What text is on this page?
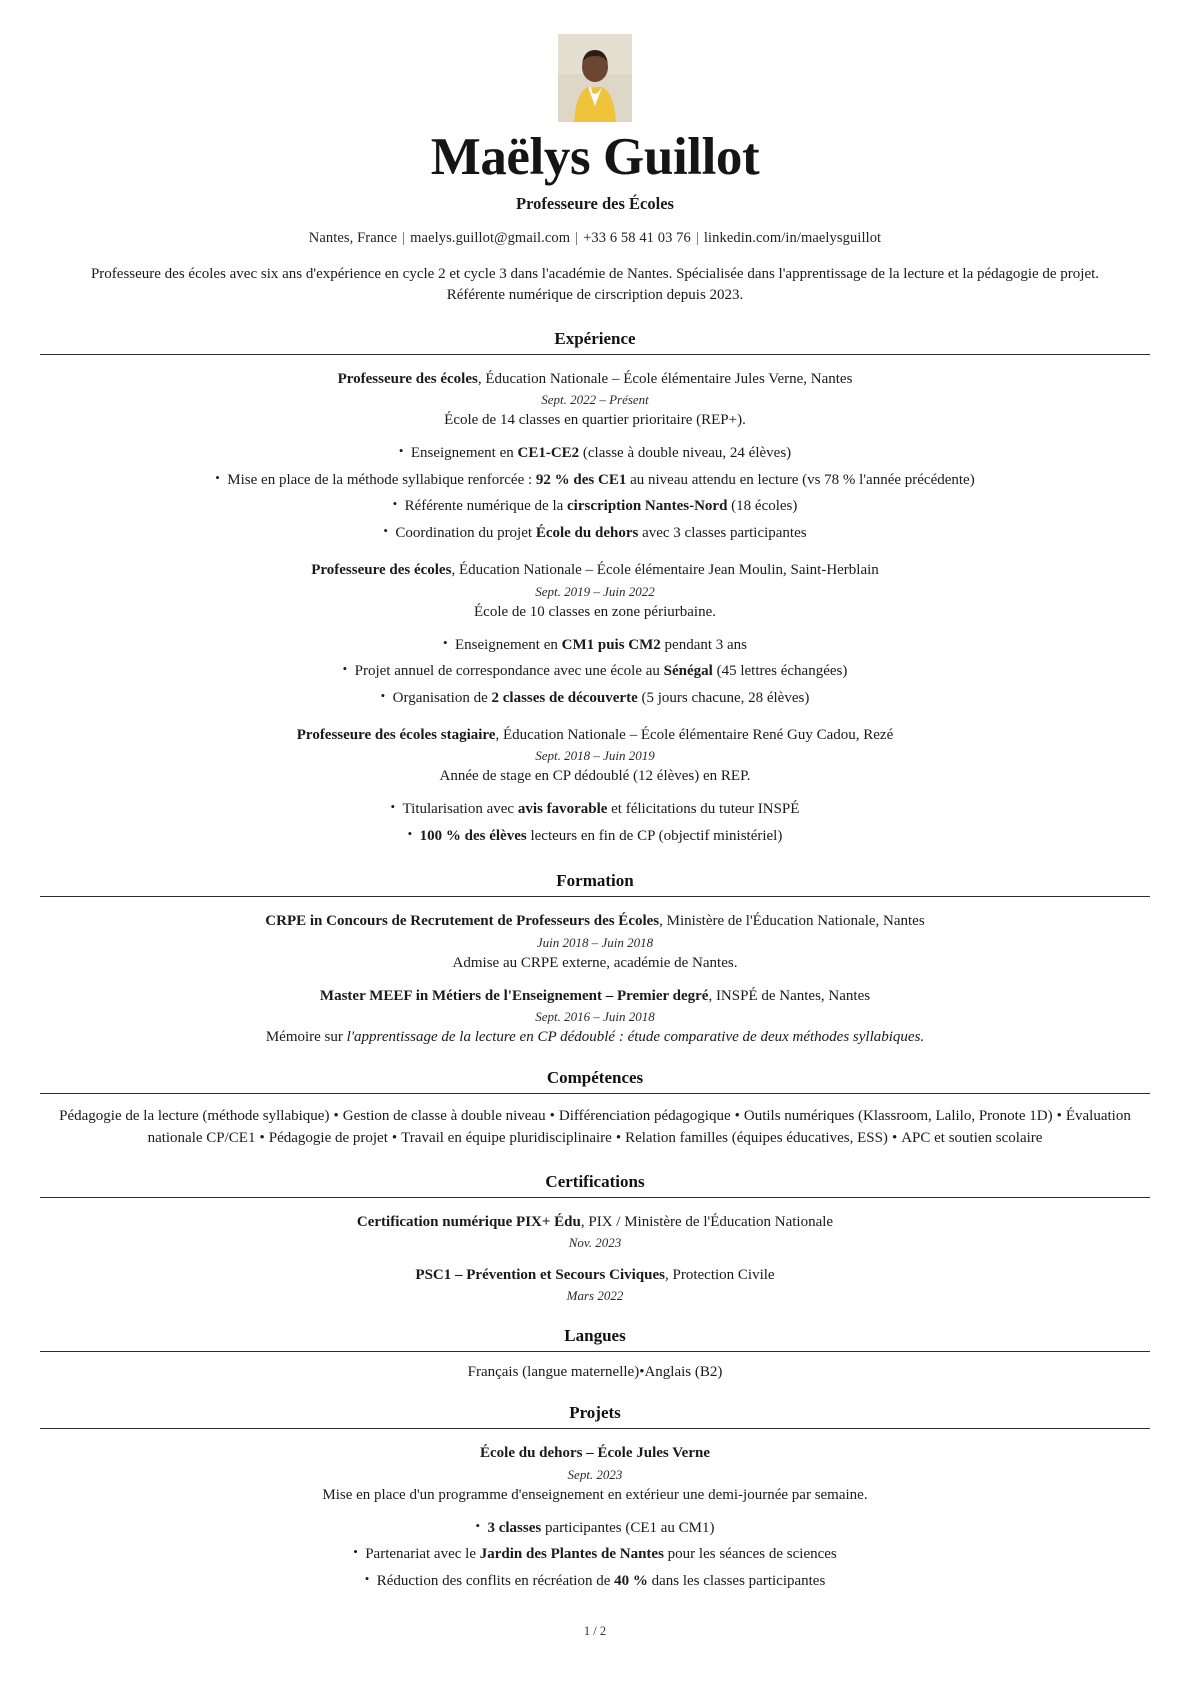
Maëlys Guillot
Professeure des Écoles
Nantes, France | maelys.guillot@gmail.com | +33 6 58 41 03 76 | linkedin.com/in/maelysguillot
Professeure des écoles avec six ans d'expérience en cycle 2 et cycle 3 dans l'académie de Nantes. Spécialisée dans l'apprentissage de la lecture et la pédagogie de projet. Référente numérique de cirscription depuis 2023.
Expérience
Professeure des écoles, Éducation Nationale – École élémentaire Jules Verne, Nantes
Sept. 2022 – Présent
École de 14 classes en quartier prioritaire (REP+).
• Enseignement en CE1-CE2 (classe à double niveau, 24 élèves)
• Mise en place de la méthode syllabique renforcée : 92 % des CE1 au niveau attendu en lecture (vs 78 % l'année précédente)
• Référente numérique de la cirscription Nantes-Nord (18 écoles)
• Coordination du projet École du dehors avec 3 classes participantes
Professeure des écoles, Éducation Nationale – École élémentaire Jean Moulin, Saint-Herblain
Sept. 2019 – Juin 2022
École de 10 classes en zone périurbaine.
• Enseignement en CM1 puis CM2 pendant 3 ans
• Projet annuel de correspondance avec une école au Sénégal (45 lettres échangées)
• Organisation de 2 classes de découverte (5 jours chacune, 28 élèves)
Professeure des écoles stagiaire, Éducation Nationale – École élémentaire René Guy Cadou, Rezé
Sept. 2018 – Juin 2019
Année de stage en CP dédoublé (12 élèves) en REP.
• Titularisation avec avis favorable et félicitations du tuteur INSPÉ
• 100 % des élèves lecteurs en fin de CP (objectif ministériel)
Formation
CRPE in Concours de Recrutement de Professeurs des Écoles, Ministère de l'Éducation Nationale, Nantes
Juin 2018 – Juin 2018
Admise au CRPE externe, académie de Nantes.
Master MEEF in Métiers de l'Enseignement – Premier degré, INSPÉ de Nantes, Nantes
Sept. 2016 – Juin 2018
Mémoire sur l'apprentissage de la lecture en CP dédoublé : étude comparative de deux méthodes syllabiques.
Compétences
Pédagogie de la lecture (méthode syllabique) • Gestion de classe à double niveau • Différenciation pédagogique • Outils numériques (Klassroom, Lalilo, Pronote 1D) • Évaluation nationale CP/CE1 • Pédagogie de projet • Travail en équipe pluridisciplinaire • Relation familles (équipes éducatives, ESS) • APC et soutien scolaire
Certifications
Certification numérique PIX+ Édu, PIX / Ministère de l'Éducation Nationale
Nov. 2023
PSC1 – Prévention et Secours Civiques, Protection Civile
Mars 2022
Langues
Français (langue maternelle)•Anglais (B2)
Projets
École du dehors – École Jules Verne
Sept. 2023
Mise en place d'un programme d'enseignement en extérieur une demi-journée par semaine.
• 3 classes participantes (CE1 au CM1)
• Partenariat avec le Jardin des Plantes de Nantes pour les séances de sciences
• Réduction des conflits en récréation de 40 % dans les classes participantes
1 / 2
